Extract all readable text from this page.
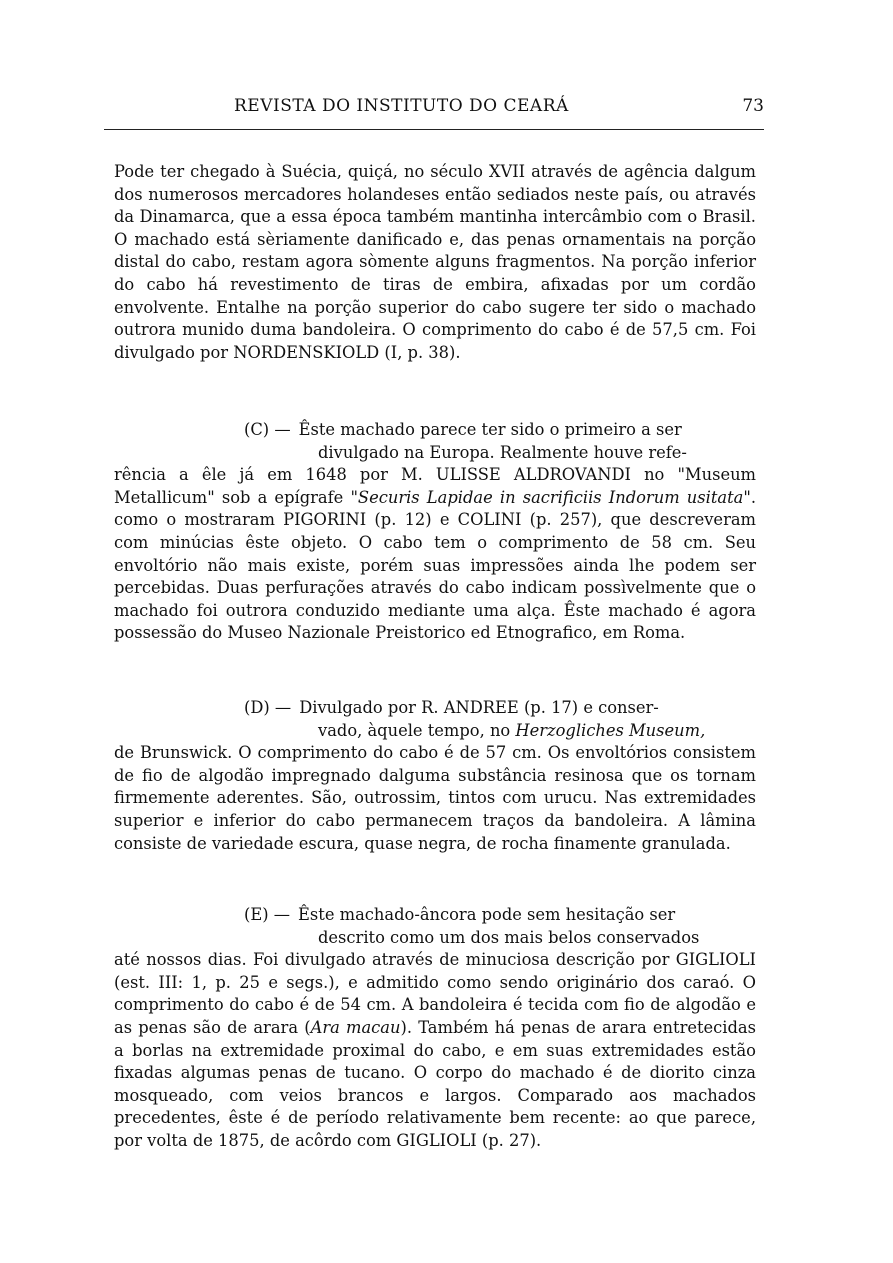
REVISTA DO INSTITUTO DO CEARÁ	73

Pode ter chegado à Suécia, quiçá, no século XVII através de agência dalgum dos numerosos mercadores holandeses então sediados neste país, ou através da Dinamarca, que a essa época também mantinha intercâmbio com o Brasil. O machado está sèriamente danificado e, das penas ornamentais na porção distal do cabo, restam agora sòmente alguns fragmentos. Na porção inferior do cabo há revestimento de tiras de embira, afixadas por um cordão envolvente. Entalhe na porção superior do cabo sugere ter sido o machado outrora munido duma bandoleira. O comprimento do cabo é de 57,5 cm. Foi divulgado por NORDENSKIOLD (I, p. 38).

(C) — Êste machado parece ter sido o primeiro a ser
divulgado na Europa. Realmente houve refe-
rência a êle já em 1648 por M. ULISSE ALDROVANDI no "Museum Metallicum" sob a epígrafe "Securis Lapidae in sacrificiis Indorum usitata". como o mostraram PIGORINI (p. 12) e COLINI (p. 257), que descreveram com minúcias êste objeto. O cabo tem o comprimento de 58 cm. Seu envoltório não mais existe, porém suas impressões ainda lhe podem ser percebidas. Duas perfurações através do cabo indicam possìvelmente que o machado foi outrora conduzido mediante uma alça. Êste machado é agora possessão do Museo Nazionale Preistorico ed Etnografico, em Roma.
(D) — Divulgado por R. ANDREE (p. 17) e conser-
vado, àquele tempo, no Herzogliches Museum,
de Brunswick. O comprimento do cabo é de 57 cm. Os envoltórios consistem de fio de algodão impregnado dalguma substância resinosa que os tornam firmemente aderentes. São, outrossim, tintos com urucu. Nas extremidades superior e inferior do cabo permanecem traços da bandoleira. A lâmina consiste de variedade escura, quase negra, de rocha finamente granulada.
(E) — Êste machado-âncora pode sem hesitação ser
descrito como um dos mais belos conservados
até nossos dias. Foi divulgado através de minuciosa descrição por GIGLIOLI (est. III: 1, p. 25 e segs.), e admitido como sendo originário dos caraó. O comprimento do cabo é de 54 cm. A bandoleira é tecida com fio de algodão e as penas são de arara (Ara macau). Também há penas de arara entretecidas a borlas na extremidade proximal do cabo, e em suas extremidades estão fixadas algumas penas de tucano. O corpo do machado é de diorito cinza mosqueado, com veios brancos e largos. Comparado aos machados precedentes, êste é de período relativamente bem recente: ao que parece, por volta de 1875, de acôrdo com GIGLIOLI (p. 27).
